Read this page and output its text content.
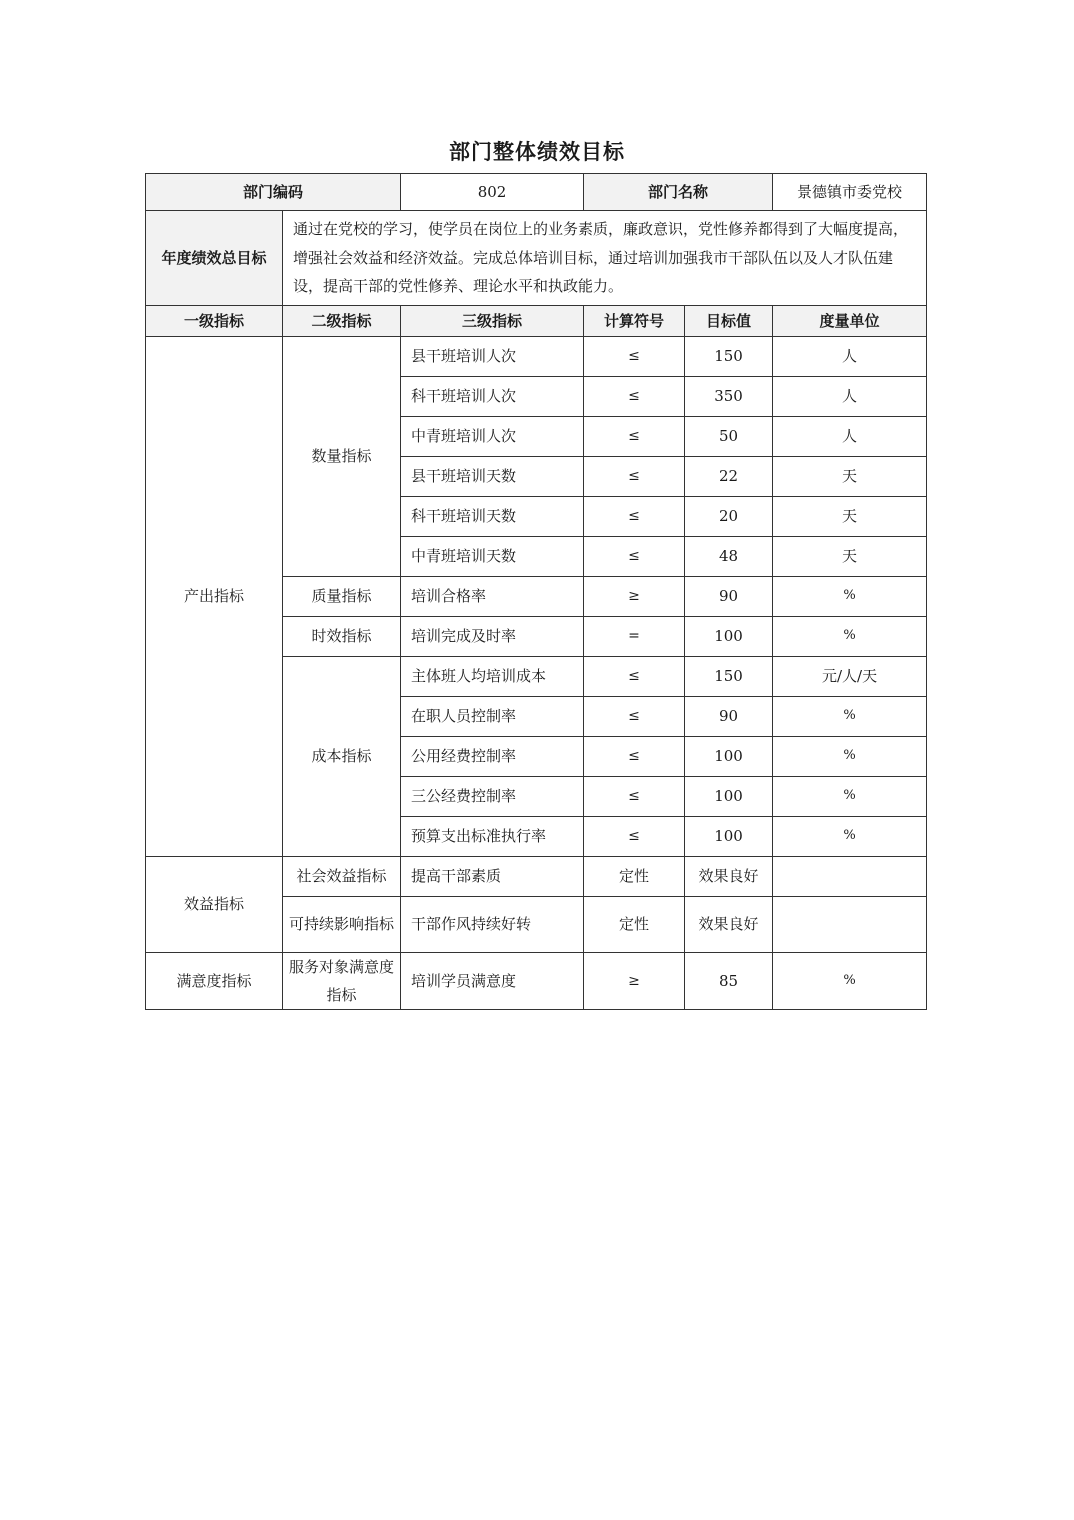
部门整体绩效目标
部门编码		802	部门名称		景德镇市委党校
年度绩效总目标	通过在党校的学习，使学员在岗位上的业务素质，廉政意识，党性修养都得到了大幅度提高，增强社会效益和经济效益。完成总体培训目标，通过培训加强我市干部队伍以及人才队伍建设，提高干部的党性修养、理论水平和执政能力。				
一级指标	二级指标	三级指标	计算符号	目标值	度量单位
产出指标	数量指标	县干班培训人次	≤	150	人
		科干班培训人次	≤	350	人
		中青班培训人次	≤	50	人
		县干班培训天数	≤	22	天
		科干班培训天数	≤	20	天
		中青班培训天数	≤	48	天
	质量指标	培训合格率	≥	90	%
	时效指标	培训完成及时率	=	100	%
	成本指标	主体班人均培训成本	≤	150	元/人/天
		在职人员控制率	≤	90	%
		公用经费控制率	≤	100	%
		三公经费控制率	≤	100	%
		预算支出标准执行率	≤	100	%
效益指标	社会效益指标	提高干部素质	定性	效果良好	
	可持续影响指标	干部作风持续好转	定性	效果良好	
满意度指标	服务对象满意度指标	培训学员满意度	≥	85	%
